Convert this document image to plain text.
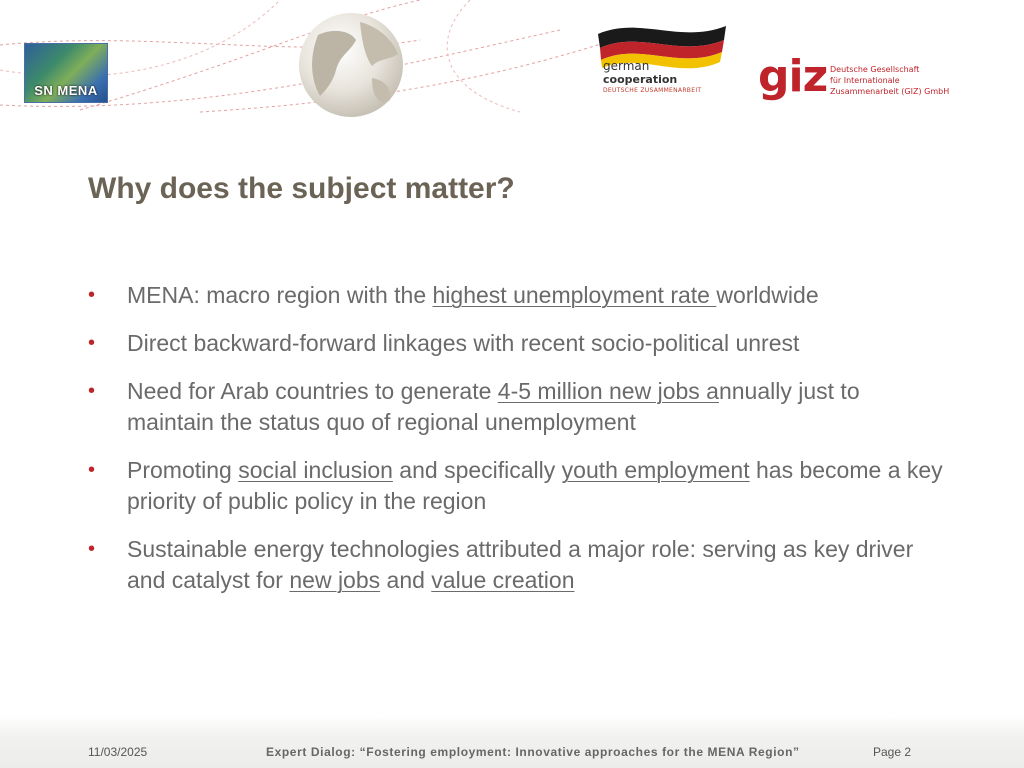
SN MENA
german
cooperation
DEUTSCHE ZUSAMMENARBEIT giz Deutsche Gesellschaft
für Internationale
Zusammenarbeit (GIZ) GmbH
Why does the subject matter?
• MENA: macro region with the highest unemployment rate worldwide
• Direct backward-forward linkages with recent socio-political unrest
• Need for Arab countries to generate 4-5 million new jobs annually just to maintain the status quo of regional unemployment
• Promoting social inclusion and specifically youth employment has become a key priority of public policy in the region
• Sustainable energy technologies attributed a major role: serving as key driver and catalyst for new jobs and value creation
11/03/2025	Expert Dialog: “Fostering employment: Innovative approaches for the MENA Region”	Page 2
